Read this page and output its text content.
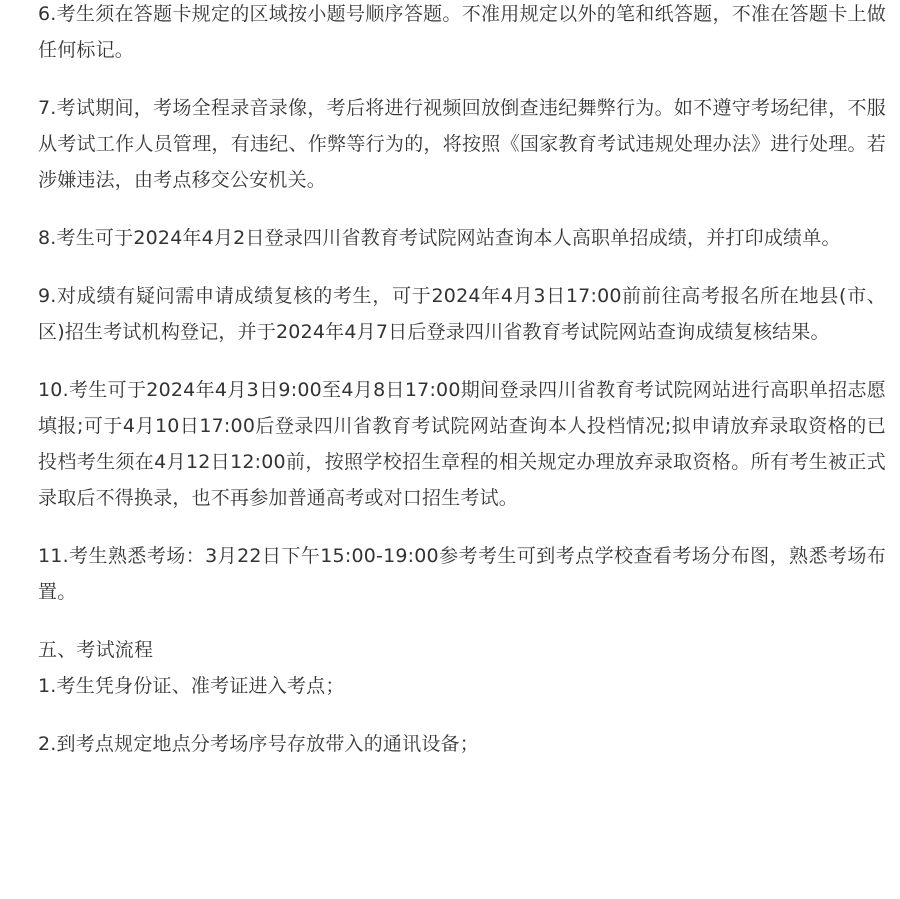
6.考生须在答题卡规定的区域按小题号顺序答题。不准用规定以外的笔和纸答题，不准在答题卡上做任何标记。

7.考试期间，考场全程录音录像，考后将进行视频回放倒查违纪舞弊行为。如不遵守考场纪律，不服从考试工作人员管理，有违纪、作弊等行为的，将按照《国家教育考试违规处理办法》进行处理。若涉嫌违法，由考点移交公安机关。

8.考生可于2024年4月2日登录四川省教育考试院网站查询本人高职单招成绩，并打印成绩单。

9.对成绩有疑问需申请成绩复核的考生，可于2024年4月3日17:00前前往高考报名所在地县(市、区)招生考试机构登记，并于2024年4月7日后登录四川省教育考试院网站查询成绩复核结果。

10.考生可于2024年4月3日9:00至4月8日17:00期间登录四川省教育考试院网站进行高职单招志愿填报;可于4月10日17:00后登录四川省教育考试院网站查询本人投档情况;拟申请放弃录取资格的已投档考生须在4月12日12:00前，按照学校招生章程的相关规定办理放弃录取资格。所有考生被正式录取后不得换录，也不再参加普通高考或对口招生考试。

11.考生熟悉考场：3月22日下午15:00-19:00参考考生可到考点学校查看考场分布图，熟悉考场布置。

五、考试流程

1.考生凭身份证、准考证进入考点；

2.到考点规定地点分考场序号存放带入的通讯设备；
